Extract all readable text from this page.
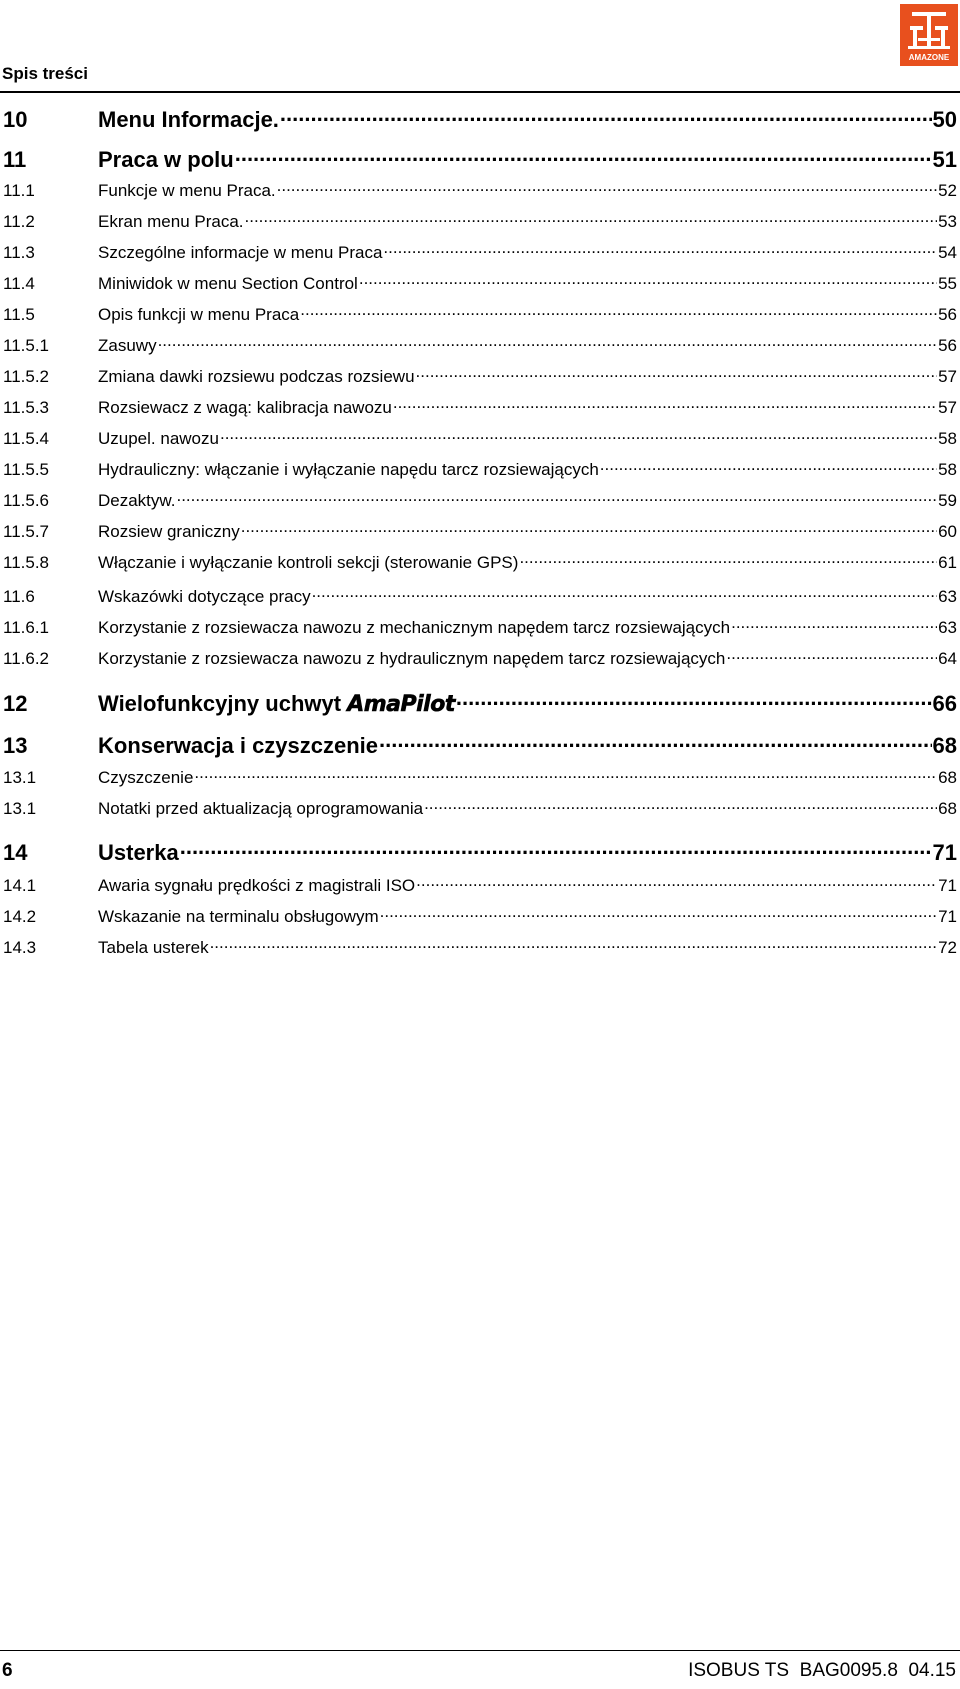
Spis treści
AMAZONE
10	Menu Informacje. .....	50
11	Praca w polu .....	51
11.1	Funkcje w menu Praca. .....	52
11.2	Ekran menu Praca. .....	53
11.3	Szczególne informacje w menu Praca .....	54
11.4	Miniwidok w menu Section Control .....	55
11.5	Opis funkcji w menu Praca .....	56
11.5.1	Zasuwy .....	56
11.5.2	Zmiana dawki rozsiewu podczas rozsiewu .....	57
11.5.3	Rozsiewacz z wagą: kalibracja nawozu .....	57
11.5.4	Uzupel. nawozu .....	58
11.5.5	Hydrauliczny: włączanie i wyłączanie napędu tarcz rozsiewających .....	58
11.5.6	Dezaktyw. .....	59
11.5.7	Rozsiew graniczny .....	60
11.5.8	Włączanie i wyłączanie kontroli sekcji (sterowanie GPS) .....	61
11.6	Wskazówki dotyczące pracy .....	63
11.6.1	Korzystanie z rozsiewacza nawozu z mechanicznym napędem tarcz rozsiewających .....	63
11.6.2	Korzystanie z rozsiewacza nawozu z hydraulicznym napędem tarcz rozsiewających .....	64
12	Wielofunkcyjny uchwyt AmaPilot .....	66
13	Konserwacja i czyszczenie .....	68
13.1	Czyszczenie .....	68
13.1	Notatki przed aktualizacją oprogramowania .....	68
14	Usterka .....	71
14.1	Awaria sygnału prędkości z magistrali ISO .....	71
14.2	Wskazanie na terminalu obsługowym .....	71
14.3	Tabela usterek .....	72
6	ISOBUS TS  BAG0095.8  04.15
